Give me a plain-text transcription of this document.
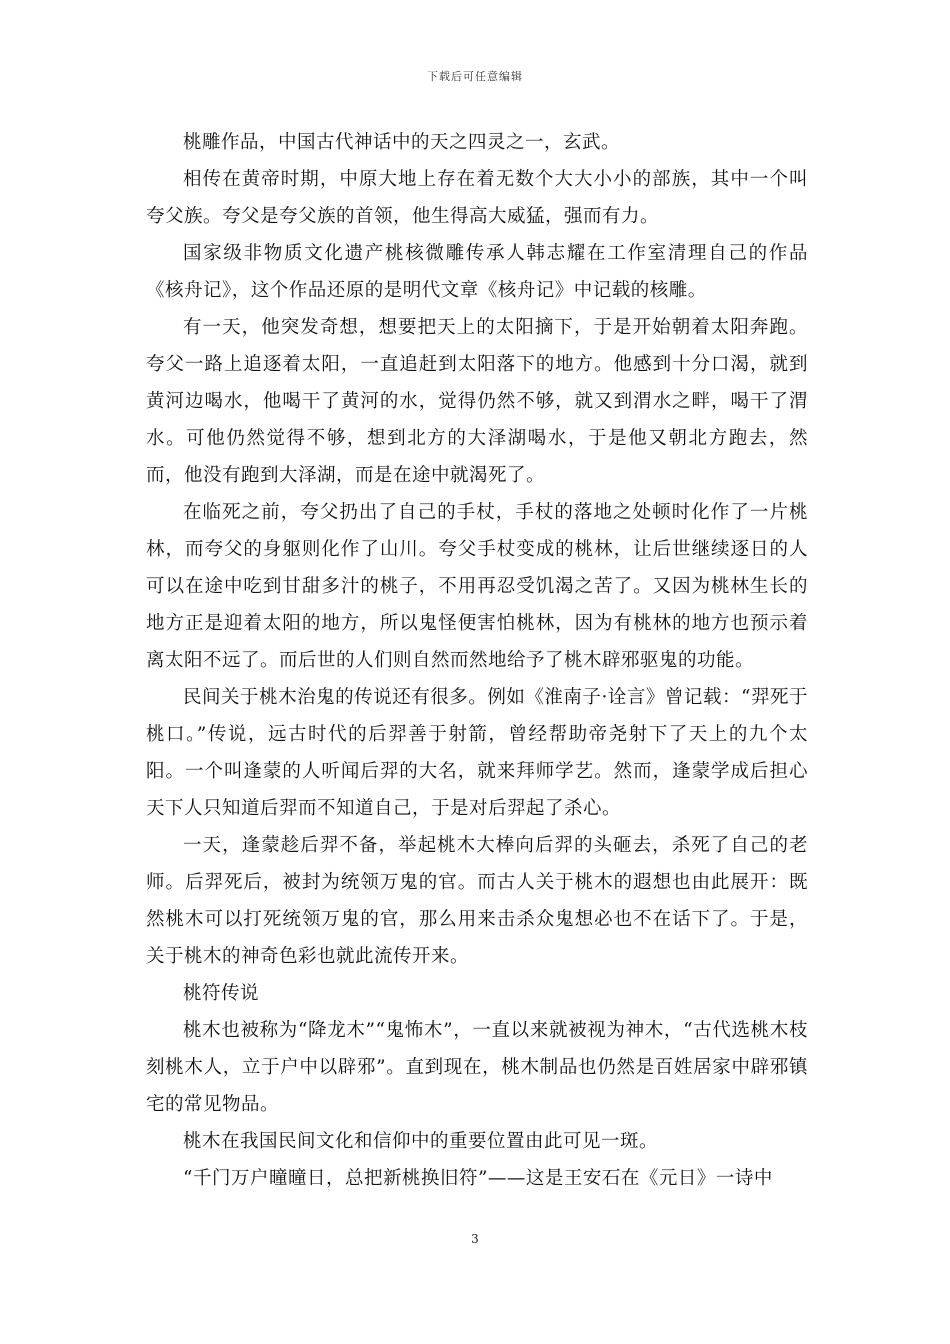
下载后可任意编辑

桃雕作品，中国古代神话中的天之四灵之一，玄武。

相传在黄帝时期，中原大地上存在着无数个大大小小的部族，其中一个叫夸父族。夸父是夸父族的首领，他生得高大威猛，强而有力。

国家级非物质文化遗产桃核微雕传承人韩志耀在工作室清理自己的作品《核舟记》，这个作品还原的是明代文章《核舟记》中记载的核雕。

有一天，他突发奇想，想要把天上的太阳摘下，于是开始朝着太阳奔跑。夸父一路上追逐着太阳，一直追赶到太阳落下的地方。他感到十分口渴，就到黄河边喝水，他喝干了黄河的水，觉得仍然不够，就又到渭水之畔，喝干了渭水。可他仍然觉得不够，想到北方的大泽湖喝水，于是他又朝北方跑去，然而，他没有跑到大泽湖，而是在途中就渴死了。

在临死之前，夸父扔出了自己的手杖，手杖的落地之处顿时化作了一片桃林，而夸父的身躯则化作了山川。夸父手杖变成的桃林，让后世继续逐日的人可以在途中吃到甘甜多汁的桃子，不用再忍受饥渴之苦了。又因为桃林生长的地方正是迎着太阳的地方，所以鬼怪便害怕桃林，因为有桃林的地方也预示着离太阳不远了。而后世的人们则自然而然地给予了桃木辟邪驱鬼的功能。

民间关于桃木治鬼的传说还有很多。例如《淮南子·诠言》曾记载：“羿死于桃口。”传说，远古时代的后羿善于射箭，曾经帮助帝尧射下了天上的九个太阳。一个叫逢蒙的人听闻后羿的大名，就来拜师学艺。然而，逢蒙学成后担心天下人只知道后羿而不知道自己，于是对后羿起了杀心。

一天，逢蒙趁后羿不备，举起桃木大棒向后羿的头砸去，杀死了自己的老师。后羿死后，被封为统领万鬼的官。而古人关于桃木的遐想也由此展开：既然桃木可以打死统领万鬼的官，那么用来击杀众鬼想必也不在话下了。于是，关于桃木的神奇色彩也就此流传开来。

桃符传说

桃木也被称为“降龙木”“鬼怖木”，一直以来就被视为神木，“古代选桃木枝刻桃木人，立于户中以辟邪”。直到现在，桃木制品也仍然是百姓居家中辟邪镇宅的常见物品。

桃木在我国民间文化和信仰中的重要位置由此可见一斑。

“千门万户曈曈日，总把新桃换旧符”——这是王安石在《元日》一诗中

3
